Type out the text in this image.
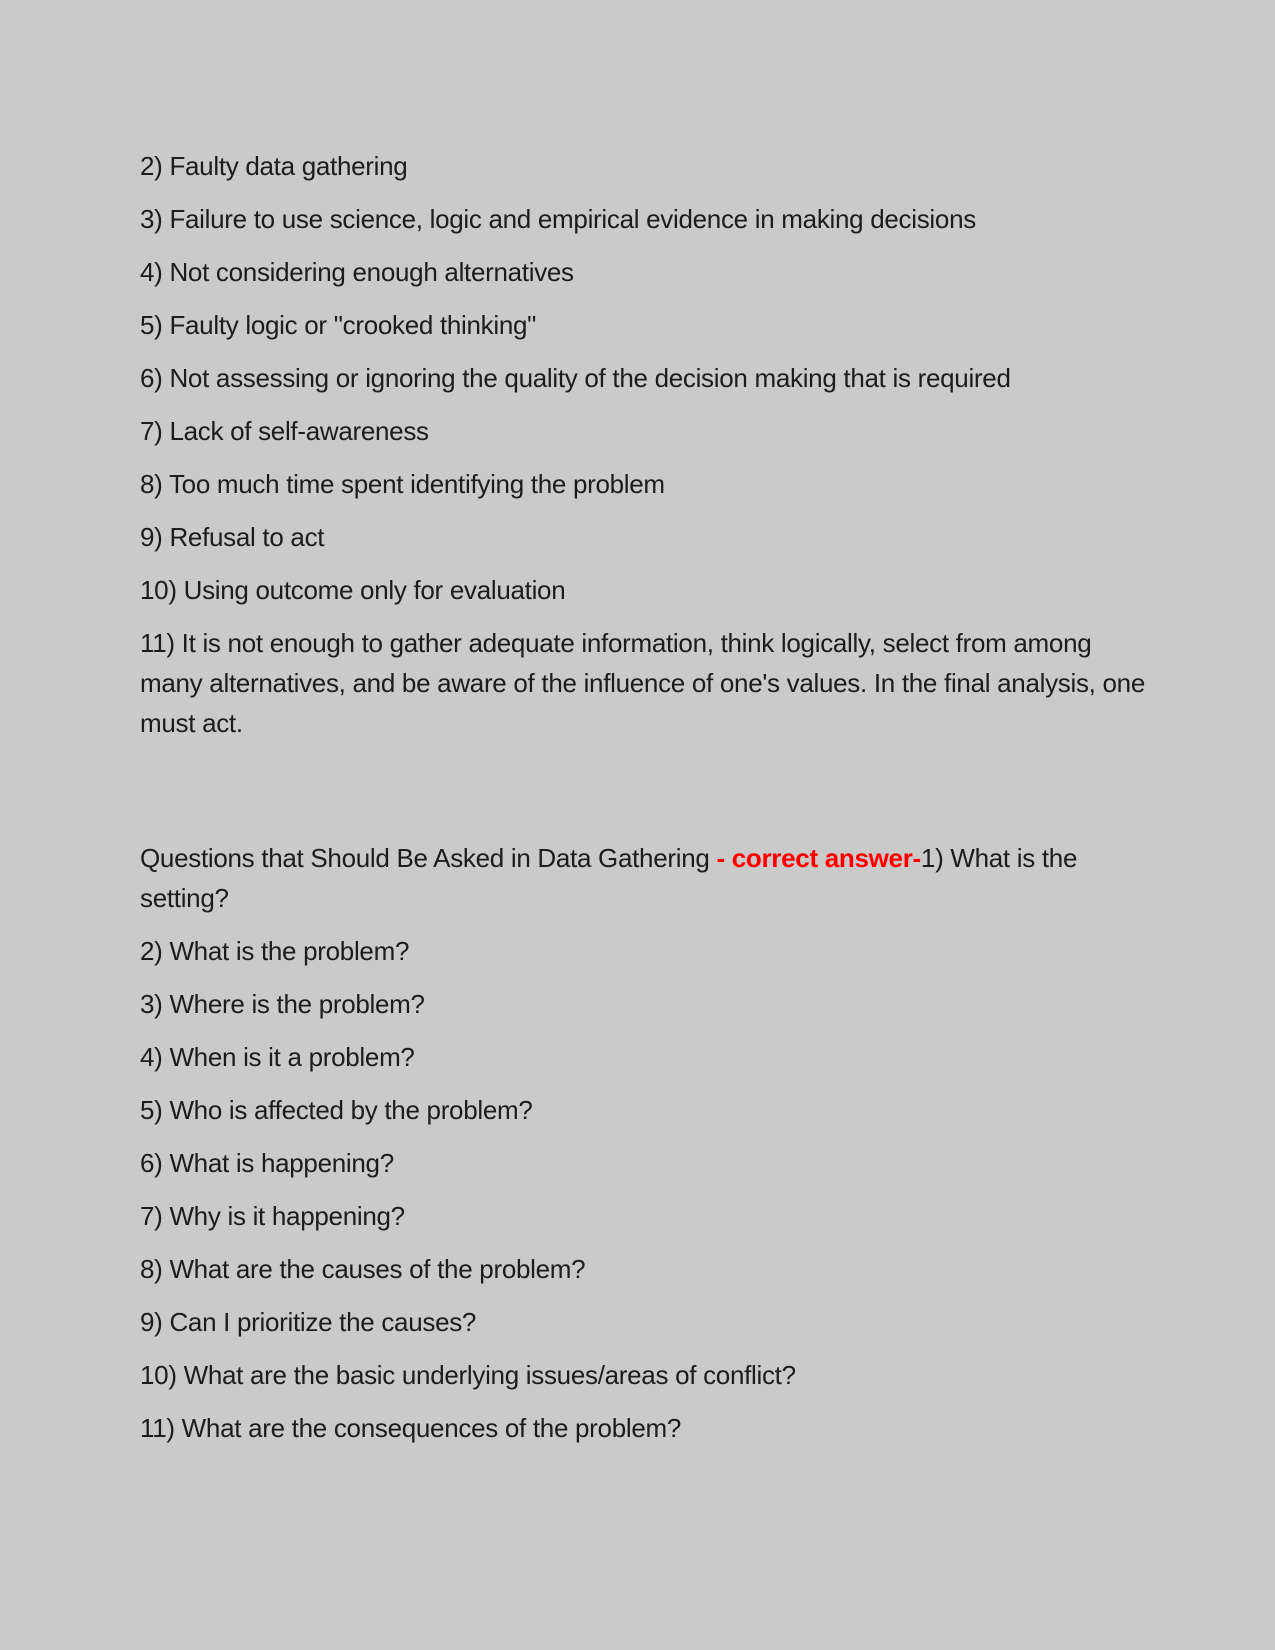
2) Faulty data gathering

3) Failure to use science, logic and empirical evidence in making decisions

4) Not considering enough alternatives

5) Faulty logic or "crooked thinking"

6) Not assessing or ignoring the quality of the decision making that is required

7) Lack of self-awareness

8) Too much time spent identifying the problem

9) Refusal to act

10) Using outcome only for evaluation

11) It is not enough to gather adequate information, think logically, select from among many alternatives, and be aware of the influence of one's values. In the final analysis, one must act.

Questions that Should Be Asked in Data Gathering - correct answer-1) What is the setting?

2) What is the problem?

3) Where is the problem?

4) When is it a problem?

5) Who is affected by the problem?

6) What is happening?

7) Why is it happening?

8) What are the causes of the problem?

9) Can I prioritize the causes?

10) What are the basic underlying issues/areas of conflict?

11) What are the consequences of the problem?
